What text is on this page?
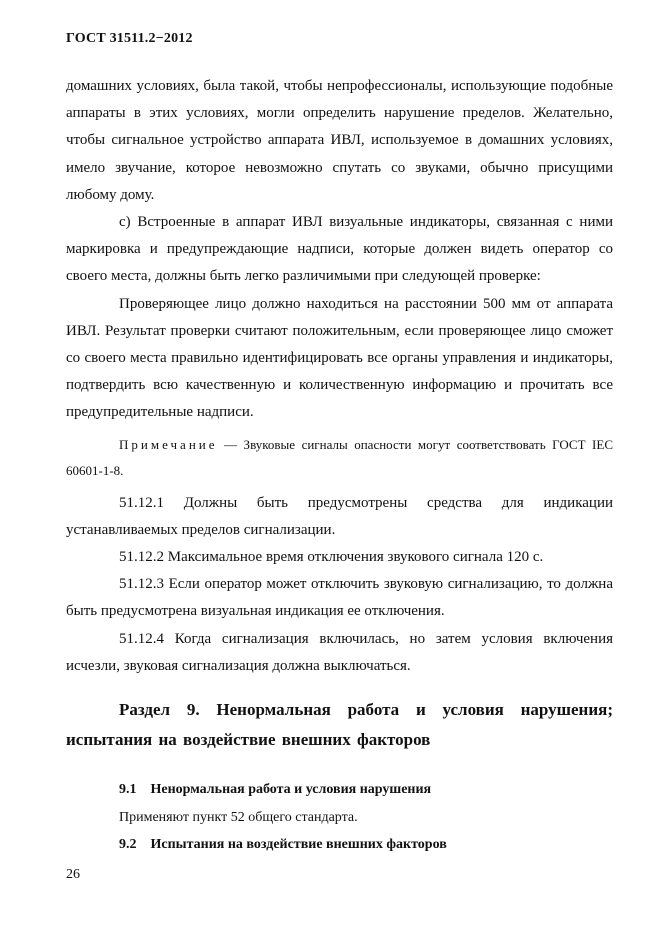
ГОСТ 31511.2−2012

домашних условиях, была такой, чтобы непрофессионалы, использующие подобные аппараты в этих условиях, могли определить нарушение пределов. Желательно, чтобы сигнальное устройство аппарата ИВЛ, используемое в домашних условиях, имело звучание, которое невозможно спутать со звуками, обычно присущими любому дому.

c) Встроенные в аппарат ИВЛ визуальные индикаторы, связанная с ними маркировка и предупреждающие надписи, которые должен видеть оператор со своего места, должны быть легко различимыми при следующей проверке:

Проверяющее лицо должно находиться на расстоянии 500 мм от аппарата ИВЛ. Результат проверки считают положительным, если проверяющее лицо сможет со своего места правильно идентифицировать все органы управления и индикаторы, подтвердить всю качественную и количественную информацию и прочитать все предупредительные надписи.

Примечание — Звуковые сигналы опасности могут соответствовать ГОСТ IEC 60601-1-8.

51.12.1 Должны быть предусмотрены средства для индикации устанавливаемых пределов сигнализации.

51.12.2 Максимальное время отключения звукового сигнала 120 с.

51.12.3 Если оператор может отключить звуковую сигнализацию, то должна быть предусмотрена визуальная индикация ее отключения.

51.12.4 Когда сигнализация включилась, но затем условия включения исчезли, звуковая сигнализация должна выключаться.

Раздел 9. Ненормальная работа и условия нарушения; испытания на воздействие внешних факторов

9.1 Ненормальная работа и условия нарушения

Применяют пункт 52 общего стандарта.

9.2 Испытания на воздействие внешних факторов

26
